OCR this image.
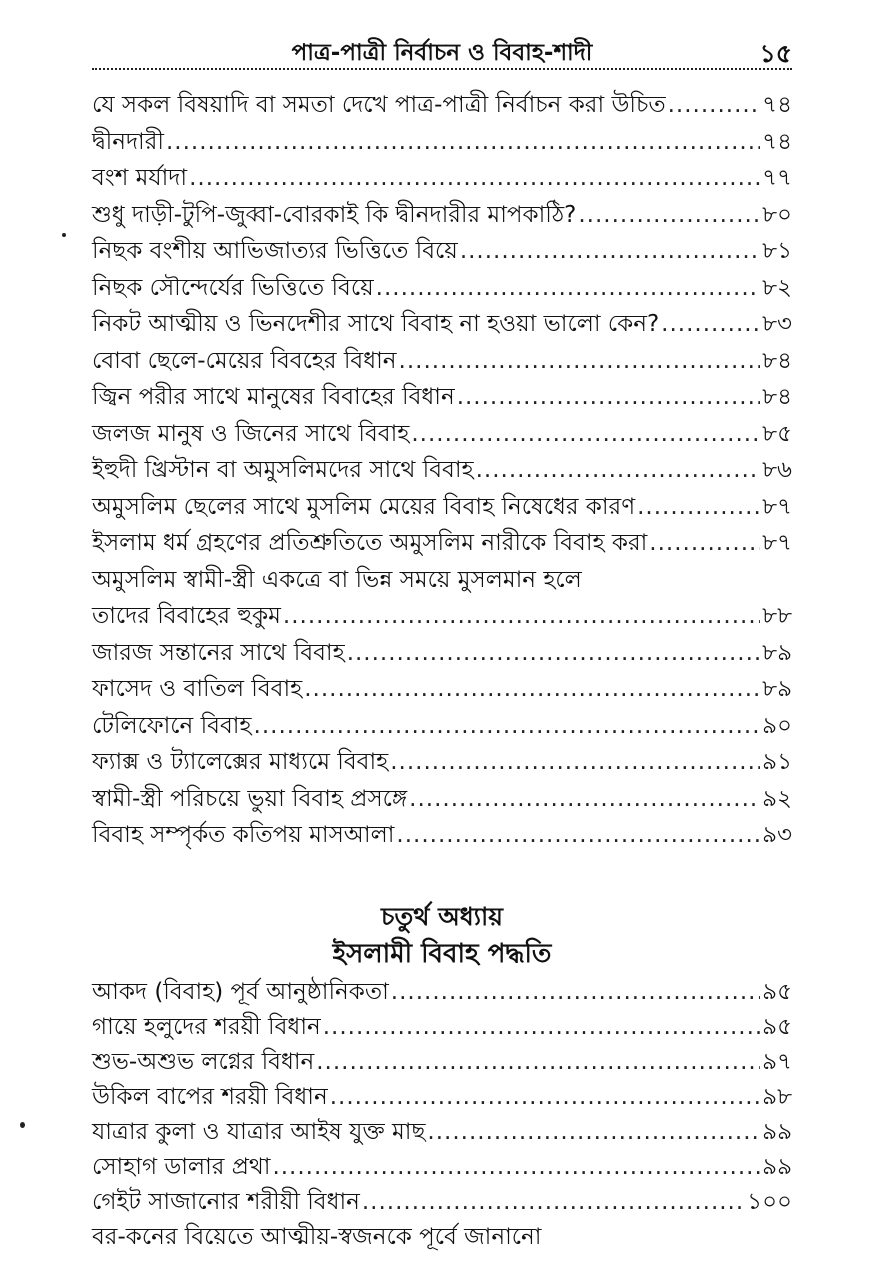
পাত্র-পাত্রী নির্বাচন ও বিবাহ-শাদী	১৫
যে সকল বিষয়াদি বা সমতা দেখে পাত্র-পাত্রী নির্বাচন করা উচিত .....	৭৪
দ্বীনদারী .....	৭৪
বংশ মর্যাদা .....	৭৭
শুধু দাড়ী-টুপি-জুব্বা-বোরকাই কি দ্বীনদারীর মাপকাঠি? .....	৮০
নিছক বংশীয় আভিজাত্যর ভিত্তিতে বিয়ে .....	৮১
নিছক সৌন্দের্যের ভিত্তিতে বিয়ে .....	৮২
নিকট আত্মীয় ও ভিনদেশীর সাথে বিবাহ না হওয়া ভালো কেন? .....	৮৩
বোবা ছেলে-মেয়ের বিবহের বিধান .....	৮৪
জ্বিন পরীর সাথে মানুষের বিবাহের বিধান .....	৮৪
জলজ মানুষ ও জিনের সাথে বিবাহ .....	৮৫
ইহুদী খ্রিস্টান বা অমুসলিমদের সাথে বিবাহ .....	৮৬
অমুসলিম ছেলের সাথে মুসলিম মেয়ের বিবাহ নিষেধের কারণ .....	৮৭
ইসলাম ধর্ম গ্রহণের প্রতিশ্রুতিতে অমুসলিম নারীকে বিবাহ করা .....	৮৭
অমুসলিম স্বামী-স্ত্রী একত্রে বা ভিন্ন সময়ে মুসলমান হলে
তাদের বিবাহের হুকুম .....	৮৮
জারজ সন্তানের সাথে বিবাহ .....	৮৯
ফাসেদ ও বাতিল বিবাহ .....	৮৯
টেলিফোনে বিবাহ .....	৯০
ফ্যাক্স ও ট্যালেক্সের মাধ্যমে বিবাহ .....	৯১
স্বামী-স্ত্রী পরিচয়ে ভুয়া বিবাহ প্রসঙ্গে .....	৯২
বিবাহ সম্পৃর্কত কতিপয় মাসআলা .....	৯৩
চতুর্থ অধ্যায়
ইসলামী বিবাহ পদ্ধতি
আকদ (বিবাহ) পূর্ব আনুষ্ঠানিকতা .....	৯৫
গায়ে হলুদের শরয়ী বিধান .....	৯৫
শুভ-অশুভ লগ্নের বিধান .....	৯৭
উকিল বাপের শরয়ী বিধান .....	৯৮
যাত্রার কুলা ও যাত্রার আইষ যুক্ত মাছ .....	৯৯
সোহাগ ডালার প্রথা .....	৯৯
গেইট সাজানোর শরীয়ী বিধান .....	১০০
বর-কনের বিয়েতে আত্মীয়-স্বজনকে পূর্বে জানানো
